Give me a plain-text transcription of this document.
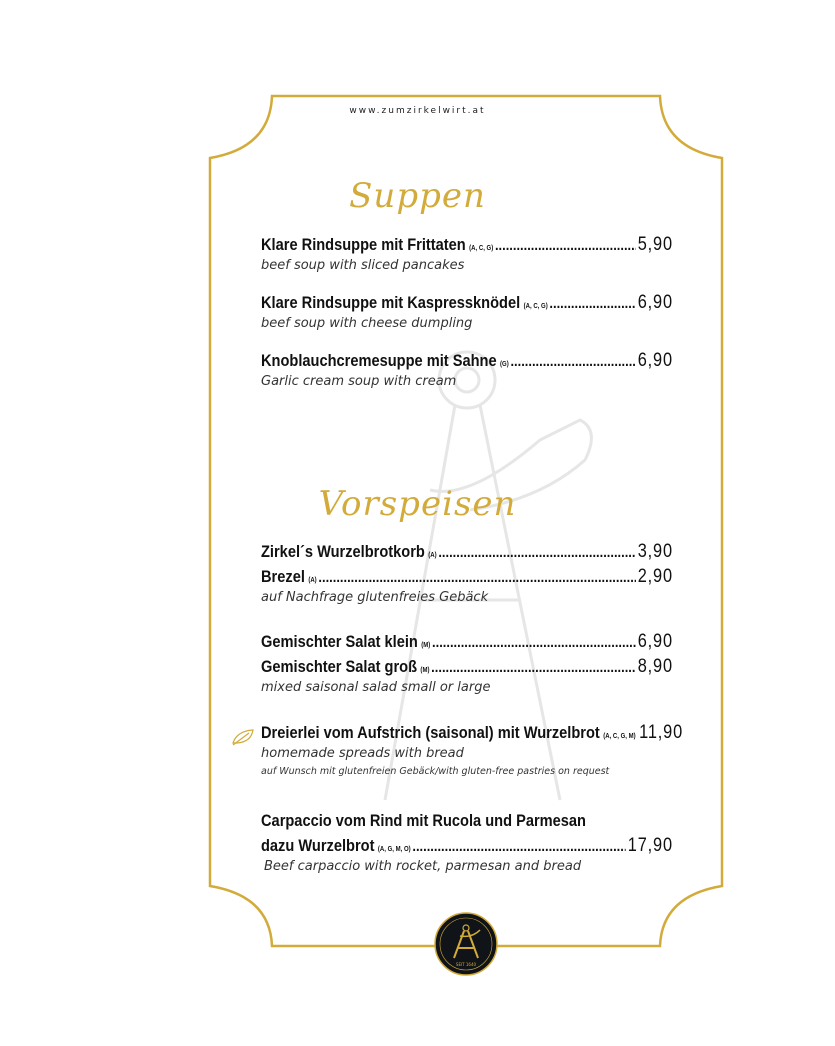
www.zumzirkelwirt.at
Suppen
Klare Rindsuppe mit Frittaten (A, C, G) .....	5,90
beef soup with sliced pancakes
Klare Rindsuppe mit Kaspressknödel (A, C, G) .....	6,90
beef soup with cheese dumpling
Knoblauchcremesuppe mit Sahne (G) .....	6,90
Garlic cream soup with cream
Vorspeisen
Zirkel´s Wurzelbrotkorb (A) .....	3,90
Brezel (A) .....	2,90
auf Nachfrage glutenfreies Gebäck
Gemischter Salat klein (M) .....	6,90
Gemischter Salat groß (M) .....	8,90
mixed saisonal salad small or large
Dreierlei vom Aufstrich (saisonal) mit Wurzelbrot (A, C, G, M) 11,90
homemade spreads with bread
auf Wunsch mit glutenfreien Gebäck/with gluten-free pastries on request
Carpaccio vom Rind mit Rucola und Parmesan
dazu Wurzelbrot (A, G, M, O) .....	17,90
Beef carpaccio with rocket, parmesan and bread
SEIT 1640
